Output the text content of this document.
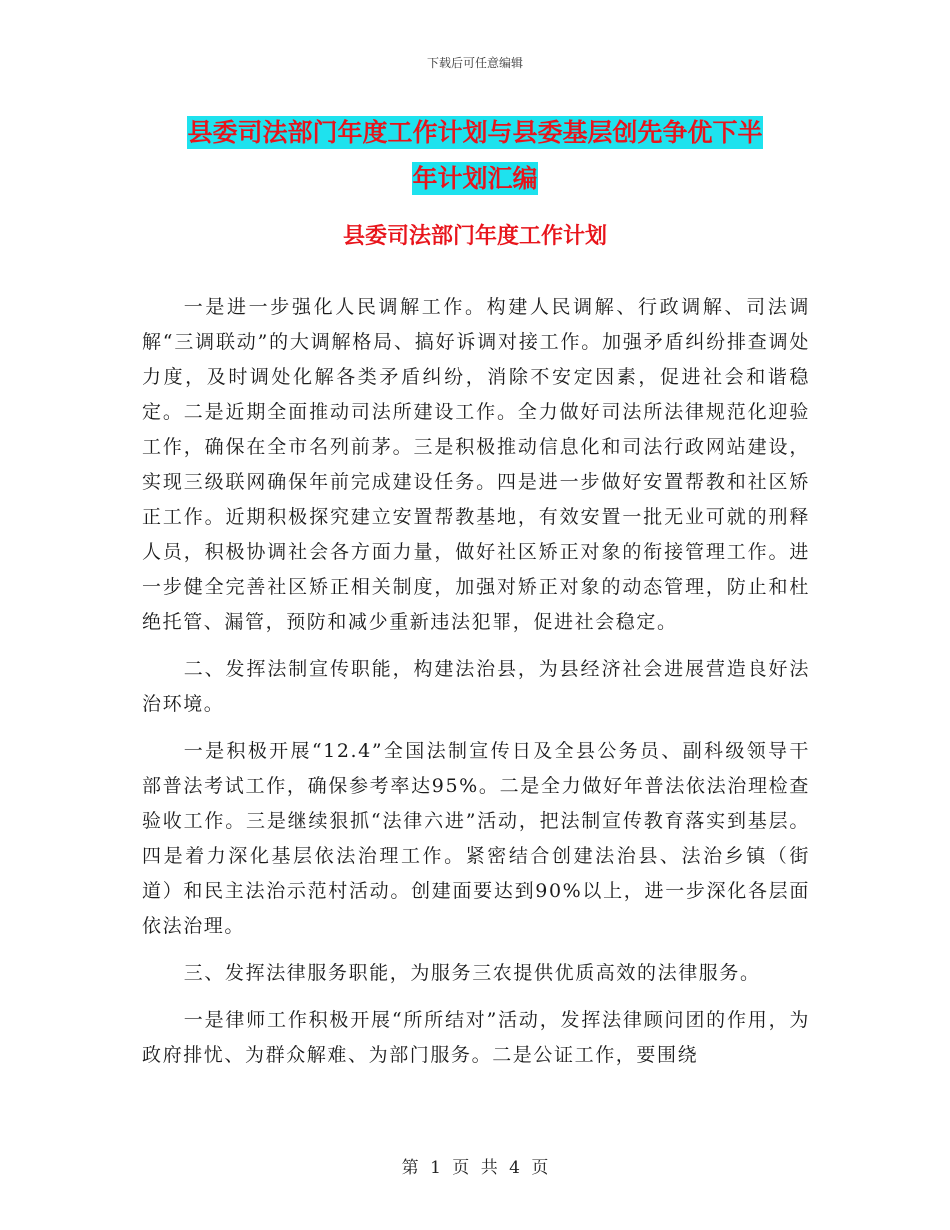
下载后可任意编辑
县委司法部门年度工作计划与县委基层创先争优下半
年计划汇编
县委司法部门年度工作计划

一是进一步强化人民调解工作。构建人民调解、行政调解、司法调解“三调联动”的大调解格局、搞好诉调对接工作。加强矛盾纠纷排查调处力度，及时调处化解各类矛盾纠纷，消除不安定因素，促进社会和谐稳定。二是近期全面推动司法所建设工作。全力做好司法所法律规范化迎验工作，确保在全市名列前茅。三是积极推动信息化和司法行政网站建设，实现三级联网确保年前完成建设任务。四是进一步做好安置帮教和社区矫正工作。近期积极探究建立安置帮教基地，有效安置一批无业可就的刑释人员，积极协调社会各方面力量，做好社区矫正对象的衔接管理工作。进一步健全完善社区矫正相关制度，加强对矫正对象的动态管理，防止和杜绝托管、漏管，预防和减少重新违法犯罪，促进社会稳定。

二、发挥法制宣传职能，构建法治县，为县经济社会进展营造良好法治环境。

一是积极开展“12.4”全国法制宣传日及全县公务员、副科级领导干部普法考试工作，确保参考率达95%。二是全力做好年普法依法治理检查验收工作。三是继续狠抓“法律六进”活动，把法制宣传教育落实到基层。四是着力深化基层依法治理工作。紧密结合创建法治县、法治乡镇（街道）和民主法治示范村活动。创建面要达到90%以上，进一步深化各层面依法治理。

三、发挥法律服务职能，为服务三农提供优质高效的法律服务。

一是律师工作积极开展“所所结对”活动，发挥法律顾问团的作用，为政府排忧、为群众解难、为部门服务。二是公证工作，要围绕

第 1 页 共 4 页
